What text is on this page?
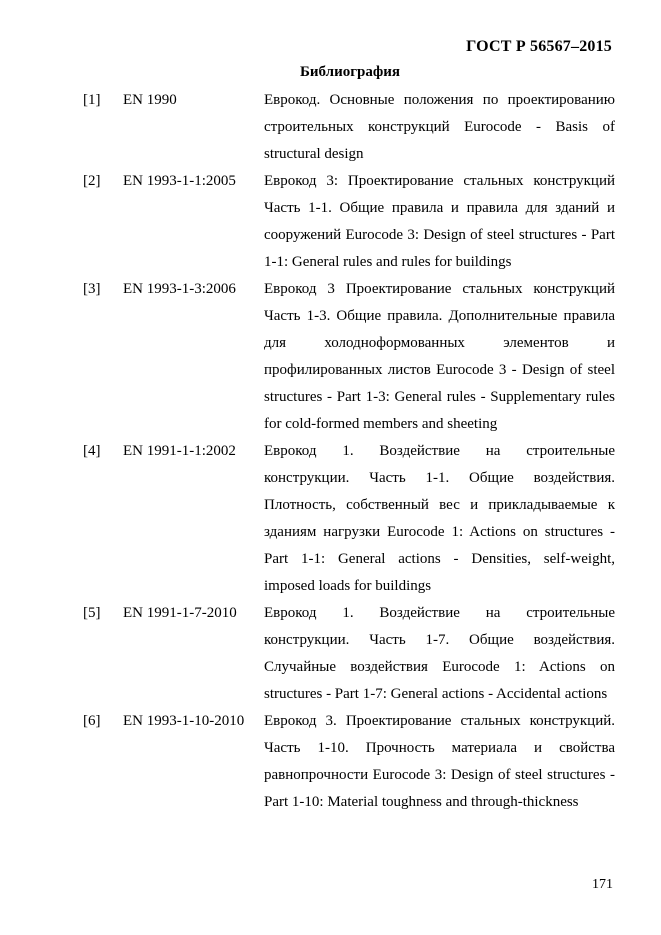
ГОСТ Р 56567–2015
Библиография
[1]	EN 1990	Еврокод. Основные положения по проектированию строительных конструкций Eurocode - Basis of structural design
[2]	EN 1993-1-1:2005	Еврокод 3: Проектирование стальных конструкций Часть 1-1. Общие правила и правила для зданий и сооружений Eurocode 3: Design of steel structures - Part 1-1: General rules and rules for buildings
[3]	EN 1993-1-3:2006	Еврокод 3 Проектирование стальных конструкций Часть 1-3. Общие правила. Дополнительные правила для холодноформованных элементов и профилированных листов Eurocode 3 - Design of steel structures - Part 1-3: General rules - Supplementary rules for cold-formed members and sheeting
[4]	EN 1991-1-1:2002	Еврокод 1. Воздействие на строительные конструкции. Часть 1-1. Общие воздействия. Плотность, собственный вес и прикладываемые к зданиям нагрузки Eurocode 1: Actions on structures - Part 1-1: General actions - Densities, self-weight, imposed loads for buildings
[5]	EN 1991-1-7-2010	Еврокод 1. Воздействие на строительные конструкции. Часть 1-7. Общие воздействия. Случайные воздействия Eurocode 1: Actions on structures - Part 1-7: General actions - Accidental actions
[6]	EN 1993-1-10-2010	Еврокод 3. Проектирование стальных конструкций. Часть 1-10. Прочность материала и свойства равнопрочности Eurocode 3: Design of steel structures - Part 1-10: Material toughness and through-thickness
171
